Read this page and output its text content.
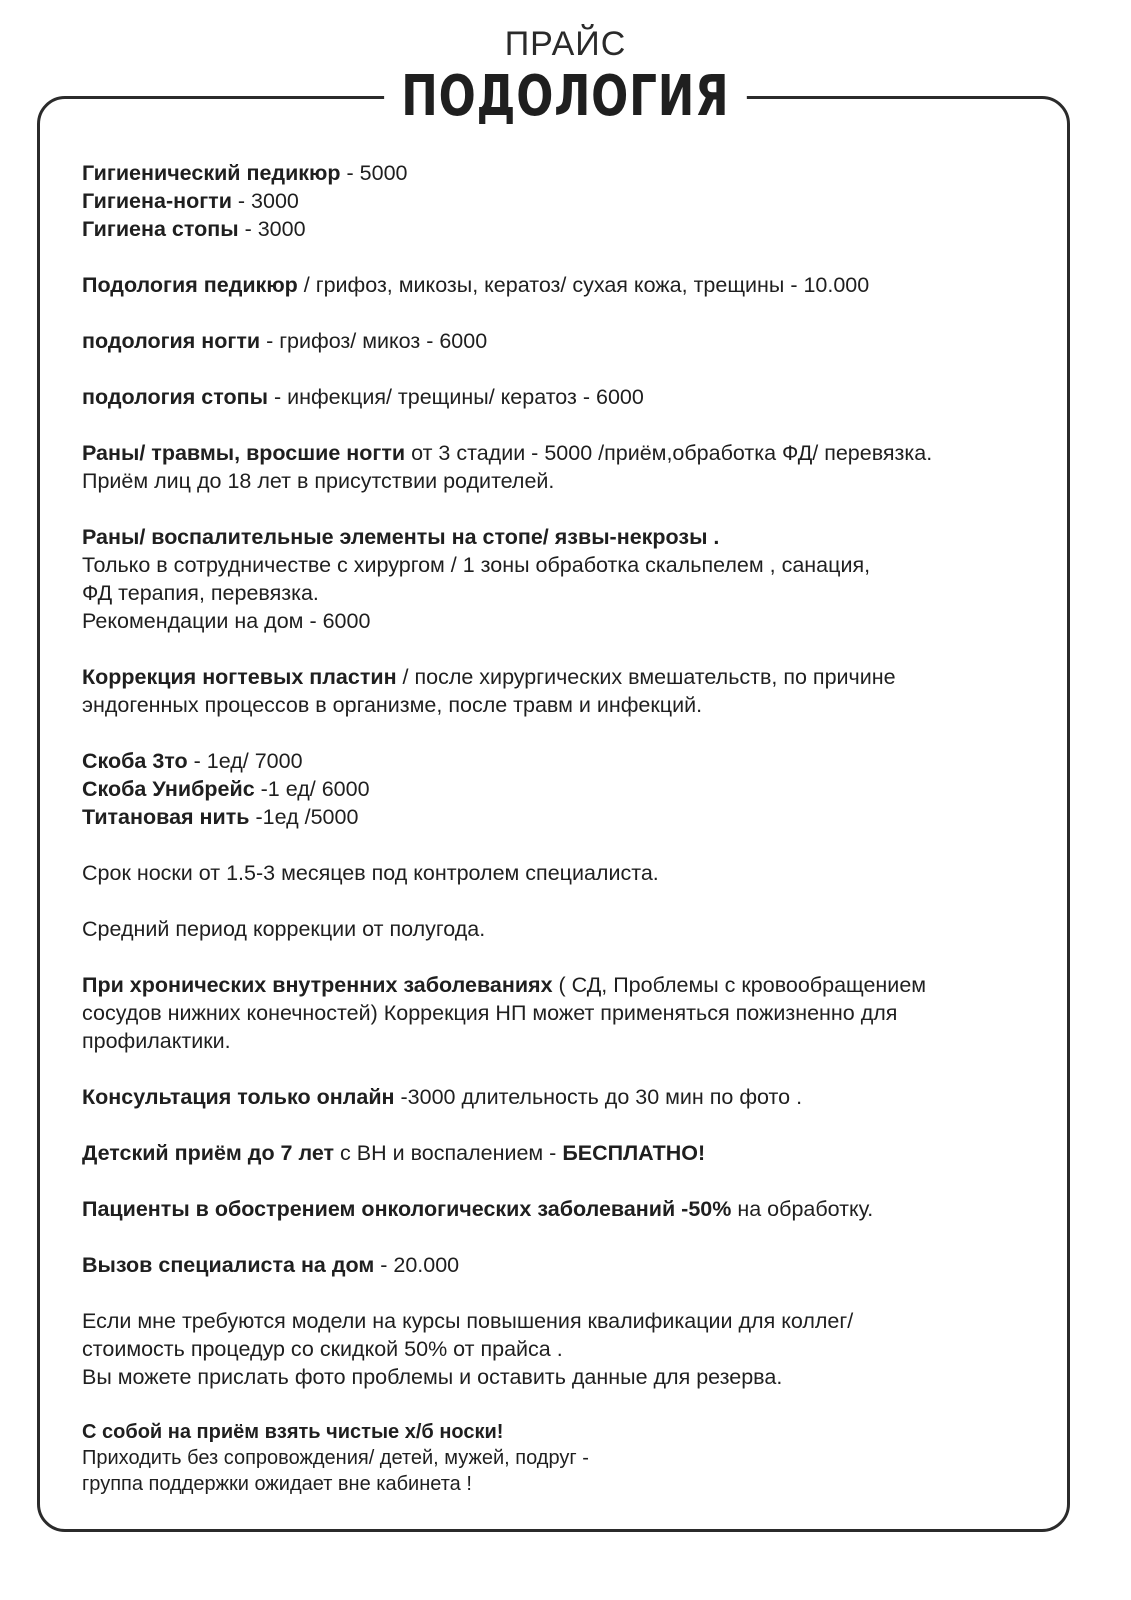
ПРАЙС
ПОДОЛОГИЯ
Гигиенический педикюр - 5000
Гигиена-ногти - 3000
Гигиена стопы - 3000
Подология педикюр / грифоз, микозы, кератоз/ сухая кожа, трещины - 10.000
подология ногти - грифоз/ микоз - 6000
подология стопы - инфекция/ трещины/ кератоз - 6000
Раны/ травмы, вросшие ногти от 3 стадии - 5000 /приём,обработка ФД/ перевязка.
Приём лиц до 18 лет в присутствии родителей.
Раны/ воспалительные элементы на стопе/ язвы-некрозы .
Только в сотрудничестве с хирургом / 1 зоны обработка скальпелем , санация,
ФД терапия, перевязка.
Рекомендации на дом - 6000
Коррекция ногтевых пластин / после хирургических вмешательств, по причине
эндогенных процессов в организме, после травм и инфекций.
Скоба 3то - 1ед/ 7000
Скоба Унибрейс -1 ед/ 6000
Титановая нить -1ед /5000
Срок носки от 1.5-3 месяцев под контролем специалиста.
Средний период коррекции от полугода.
При хронических внутренних заболеваниях ( СД, Проблемы с кровообращением
сосудов нижних конечностей) Коррекция НП может применяться пожизненно для
профилактики.
Консультация только онлайн -3000 длительность до 30 мин по фото .
Детский приём до 7 лет с ВН и воспалением - БЕСПЛАТНО!
Пациенты в обострением онкологических заболеваний -50% на обработку.
Вызов специалиста на дом - 20.000
Если мне требуются модели на курсы повышения квалификации для коллег/
стоимость процедур со скидкой 50% от прайса .
Вы можете прислать фото проблемы и оставить данные для резерва.
С собой на приём взять чистые х/б носки!
Приходить без сопровождения/ детей, мужей, подруг -
группа поддержки ожидает вне кабинета !
